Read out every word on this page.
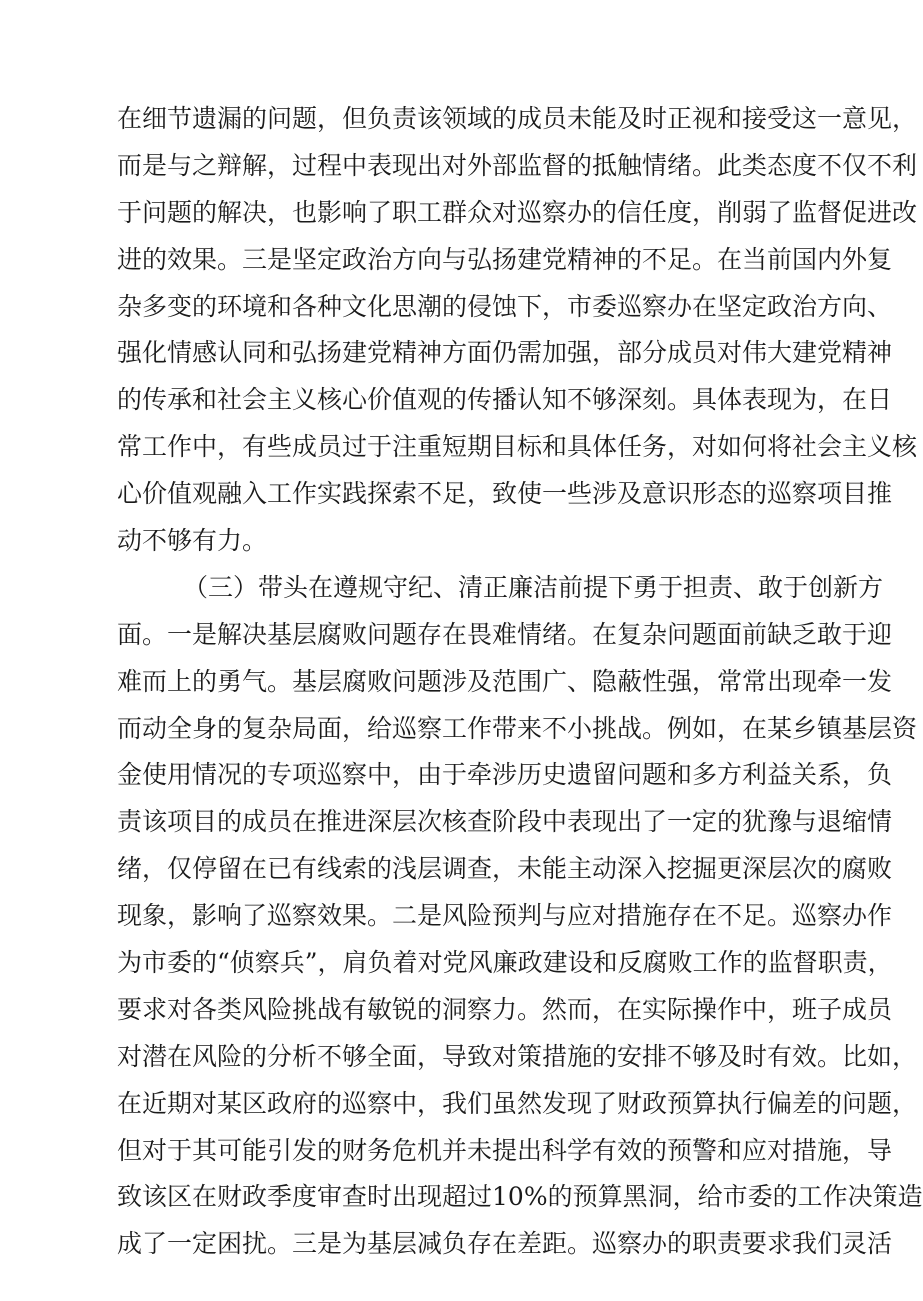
在细节遗漏的问题，但负责该领域的成员未能及时正视和接受这一意见，
而是与之辩解，过程中表现出对外部监督的抵触情绪。此类态度不仅不利
于问题的解决，也影响了职工群众对巡察办的信任度，削弱了监督促进改
进的效果。三是坚定政治方向与弘扬建党精神的不足。在当前国内外复
杂多变的环境和各种文化思潮的侵蚀下，市委巡察办在坚定政治方向、
强化情感认同和弘扬建党精神方面仍需加强，部分成员对伟大建党精神
的传承和社会主义核心价值观的传播认知不够深刻。具体表现为，在日
常工作中，有些成员过于注重短期目标和具体任务，对如何将社会主义核
心价值观融入工作实践探索不足，致使一些涉及意识形态的巡察项目推
动不够有力。
（三）带头在遵规守纪、清正廉洁前提下勇于担责、敢于创新方
面。一是解决基层腐败问题存在畏难情绪。在复杂问题面前缺乏敢于迎
难而上的勇气。基层腐败问题涉及范围广、隐蔽性强，常常出现牵一发
而动全身的复杂局面，给巡察工作带来不小挑战。例如，在某乡镇基层资
金使用情况的专项巡察中，由于牵涉历史遗留问题和多方利益关系，负
责该项目的成员在推进深层次核查阶段中表现出了一定的犹豫与退缩情
绪，仅停留在已有线索的浅层调查，未能主动深入挖掘更深层次的腐败
现象，影响了巡察效果。二是风险预判与应对措施存在不足。巡察办作
为市委的“侦察兵”，肩负着对党风廉政建设和反腐败工作的监督职责，
要求对各类风险挑战有敏锐的洞察力。然而，在实际操作中，班子成员
对潜在风险的分析不够全面，导致对策措施的安排不够及时有效。比如，
在近期对某区政府的巡察中，我们虽然发现了财政预算执行偏差的问题，
但对于其可能引发的财务危机并未提出科学有效的预警和应对措施，导
致该区在财政季度审查时出现超过10%的预算黑洞，给市委的工作决策造
成了一定困扰。三是为基层减负存在差距。巡察办的职责要求我们灵活
